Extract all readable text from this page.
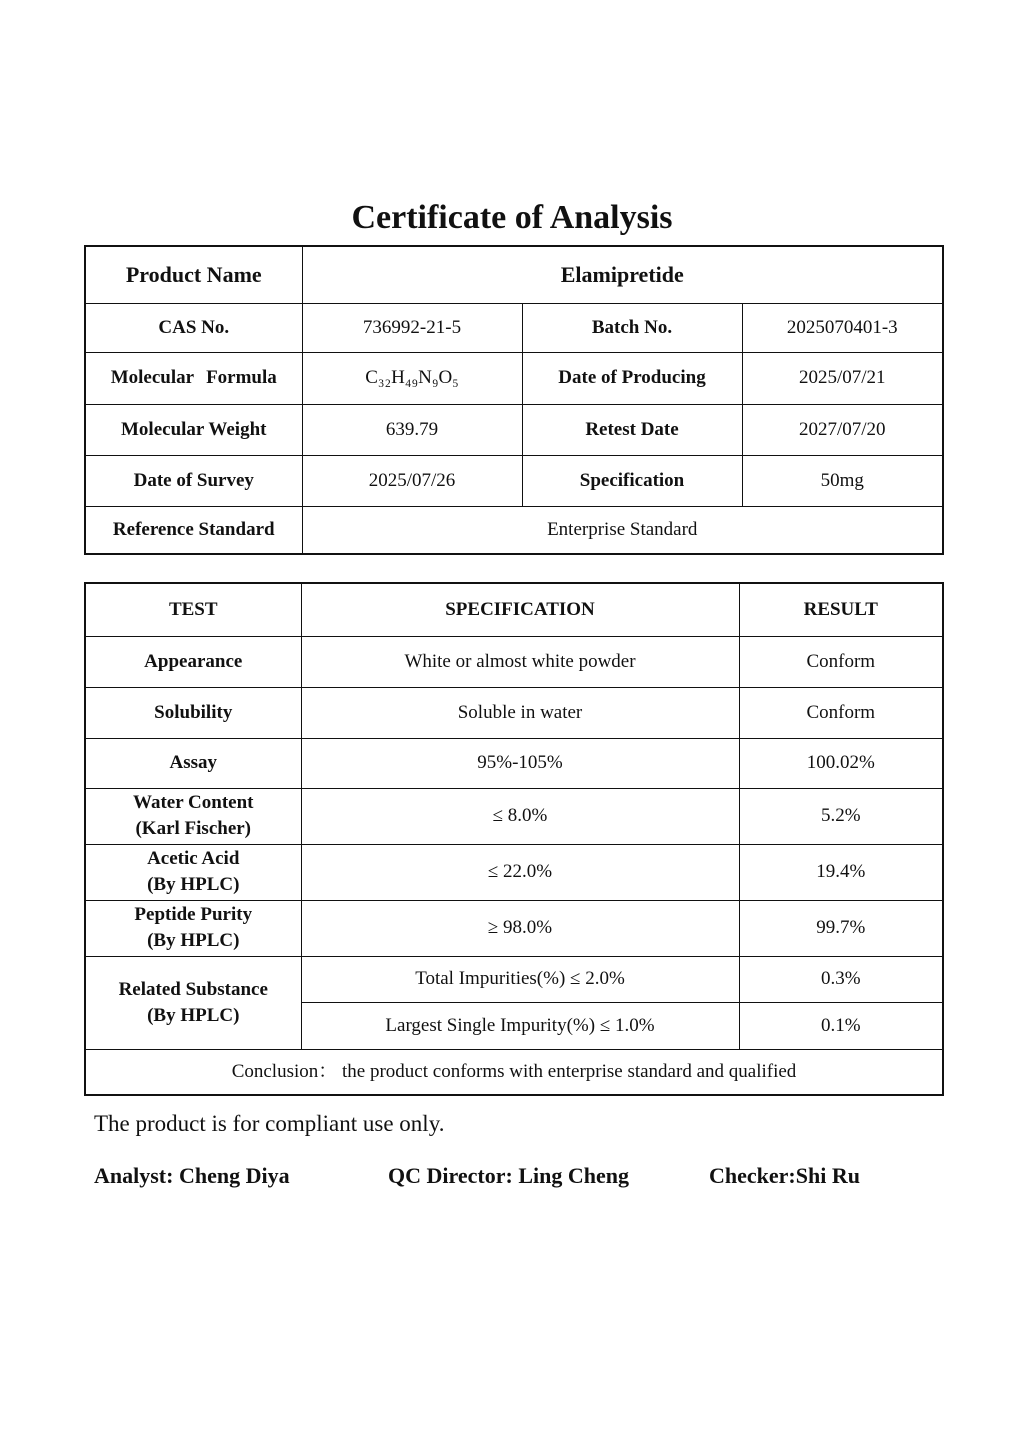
Certificate of Analysis
Product Name	Elamipretide		
CAS No.	736992-21-5	Batch No.	2025070401-3
Molecular Formula	C₃₂H₄₉N₉O₅	Date of Producing	2025/07/21
Molecular Weight	639.79	Retest Date	2027/07/20
Date of Survey	2025/07/26	Specification	50mg
Reference Standard	Enterprise Standard		
TEST	SPECIFICATION	RESULT
Appearance	White or almost white powder	Conform
Solubility	Soluble in water	Conform
Assay	95%-105%	100.02%

Water Content
(Karl Fischer)	≤ 8.0%	5.2%

Acetic Acid
(By HPLC)	≤ 22.0%	19.4%

Peptide Purity
(By HPLC)	≥ 98.0%	99.7%

Related Substance
(By HPLC)	Total Impurities(%) ≤ 2.0%	0.3%
	Largest Single Impurity(%) ≤ 1.0%	0.1%
Conclusion： the product conforms with enterprise standard and qualified		
The product is for compliant use only.
Analyst: Cheng Diya	QC Director: Ling Cheng	Checker:Shi Ru
